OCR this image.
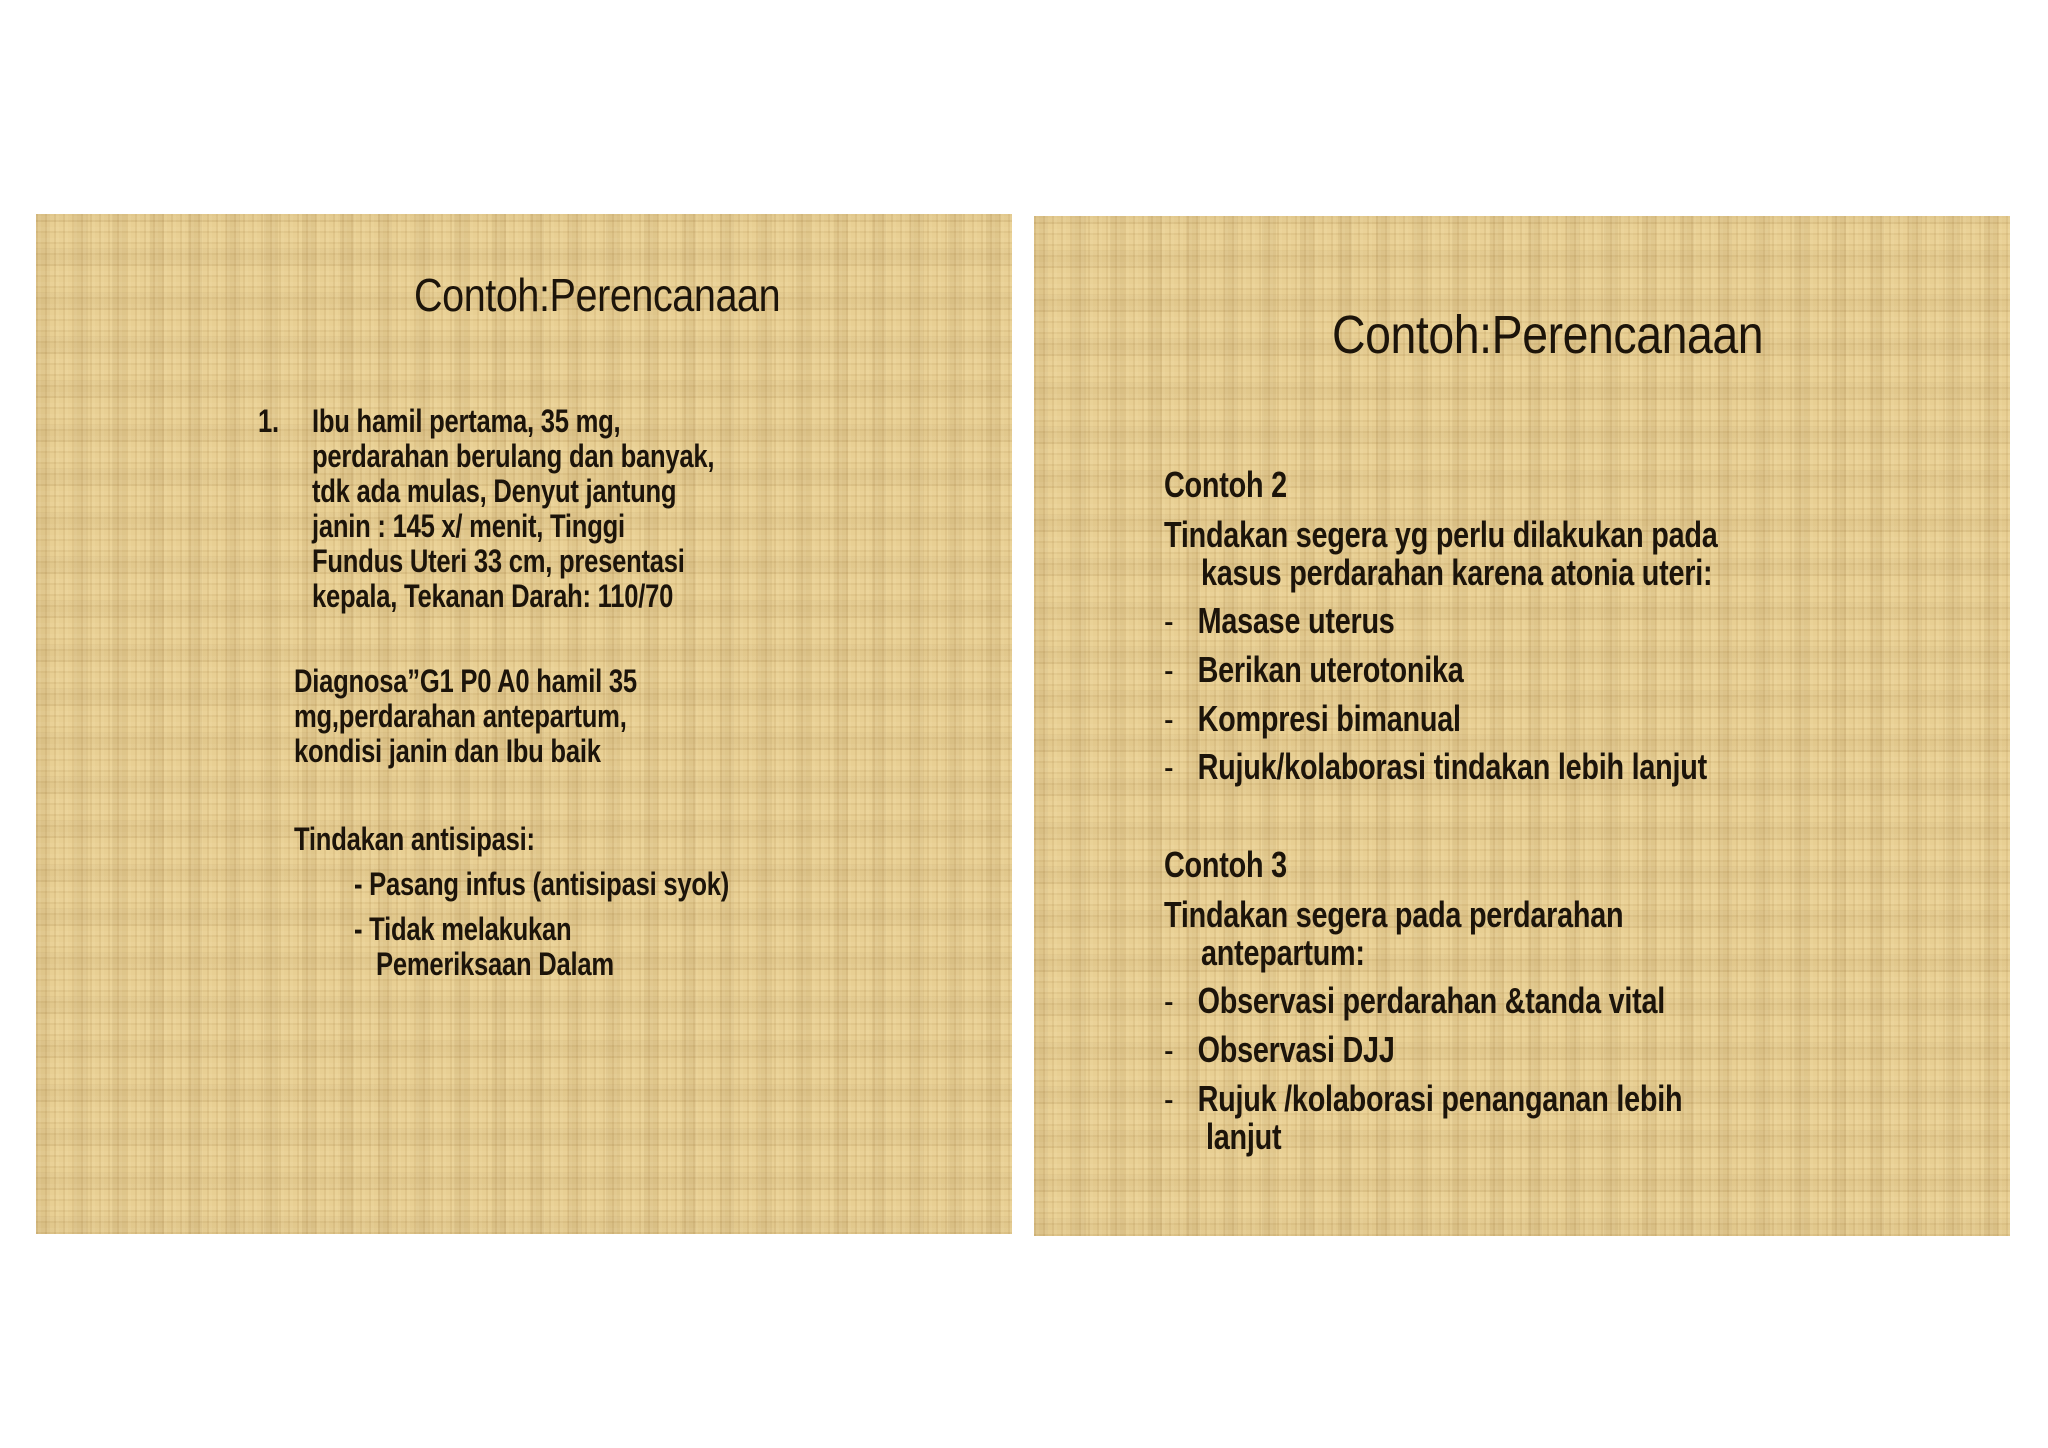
Contoh:Perencanaan
1. Ibu hamil pertama, 35 mg,
perdarahan berulang dan banyak,
tdk ada mulas, Denyut jantung
janin : 145 x/ menit, Tinggi
Fundus Uteri 33 cm, presentasi
kepala, Tekanan Darah: 110/70
Diagnosa”G1 P0 A0 hamil 35
mg,perdarahan antepartum,
kondisi janin dan Ibu baik
Tindakan antisipasi:
- Pasang infus (antisipasi syok)
- Tidak melakukan
Pemeriksaan Dalam
Contoh:Perencanaan
Contoh 2
Tindakan segera yg perlu dilakukan pada
kasus perdarahan karena atonia uteri:
- Masase uterus
- Berikan uterotonika
- Kompresi bimanual
- Rujuk/kolaborasi tindakan lebih lanjut
Contoh 3
Tindakan segera pada perdarahan
antepartum:
- Observasi perdarahan &tanda vital
- Observasi DJJ
- Rujuk /kolaborasi penanganan lebih
lanjut
